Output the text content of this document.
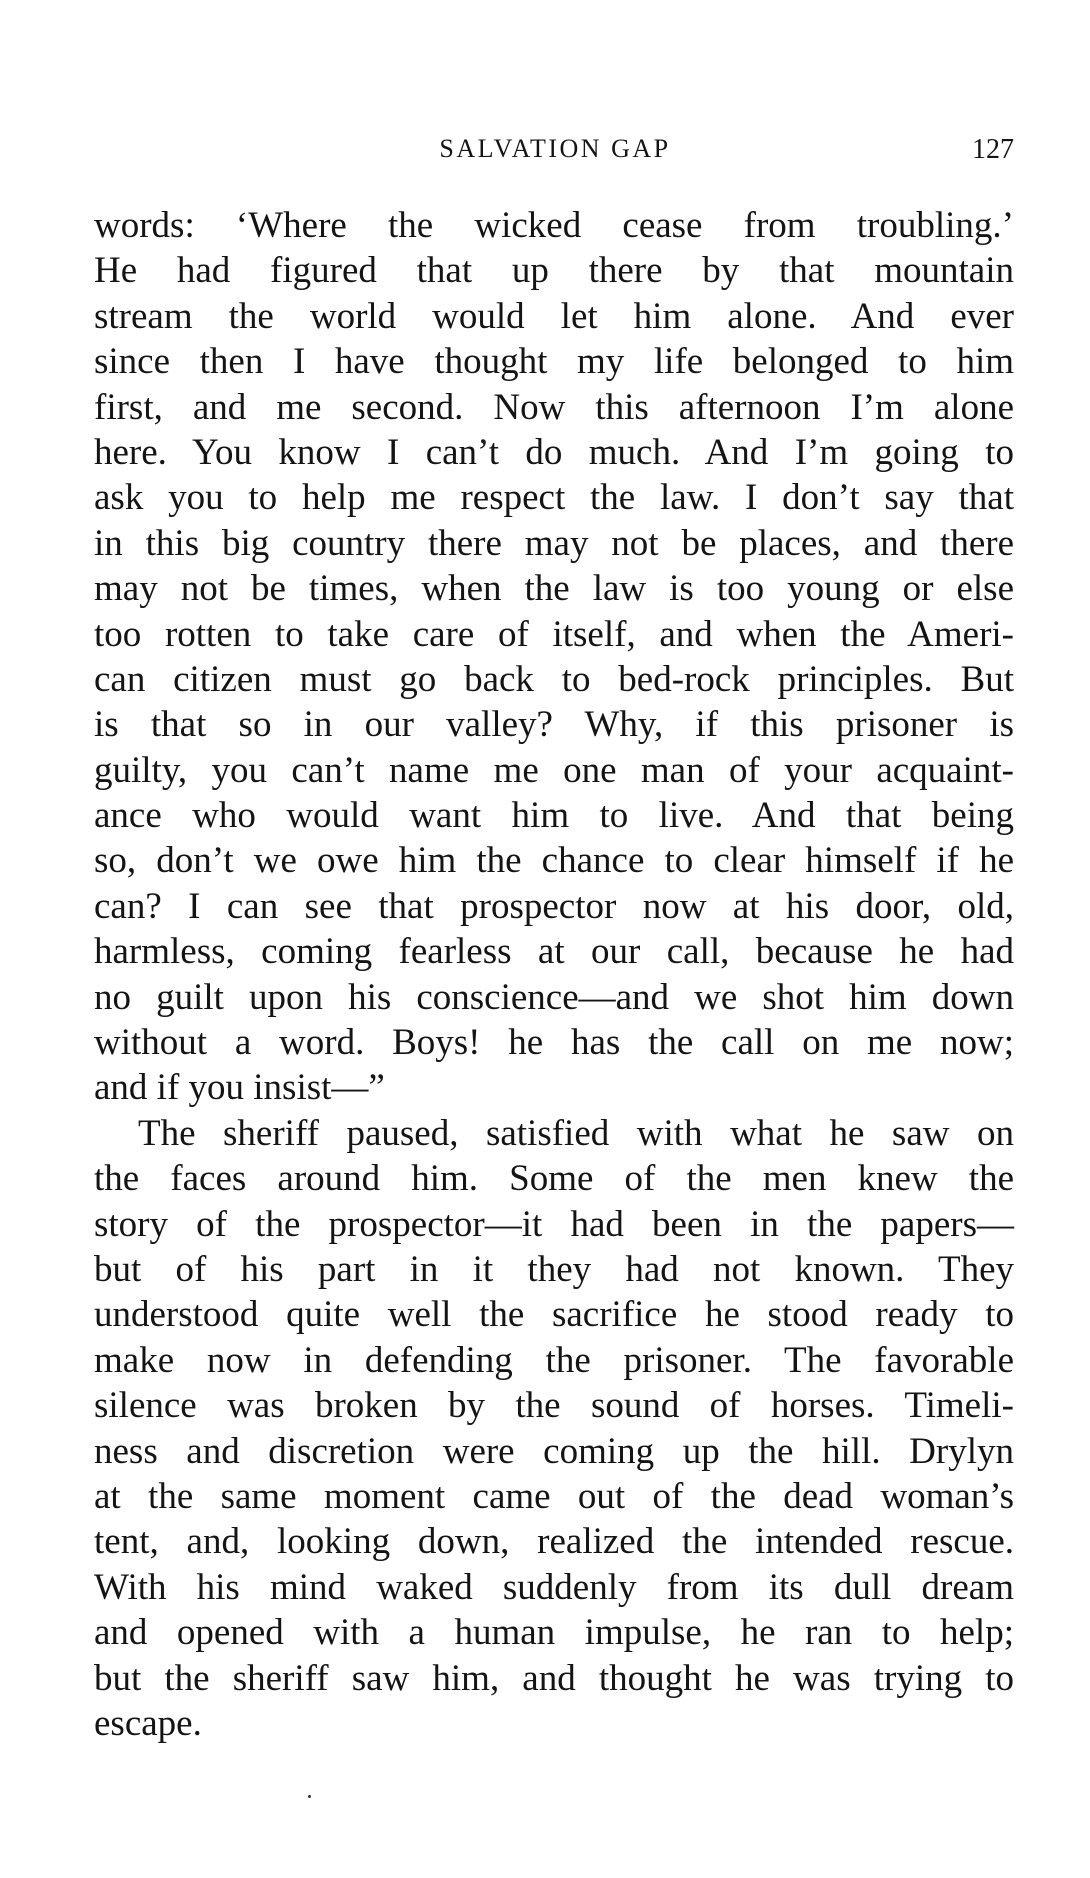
SALVATION GAP	127
words: ‘Where the wicked cease from troubling.’
He had figured that up there by that mountain
stream the world would let him alone. And ever
since then I have thought my life belonged to him
first, and me second. Now this afternoon I’m alone
here. You know I can’t do much. And I’m going to
ask you to help me respect the law. I don’t say that
in this big country there may not be places, and there
may not be times, when the law is too young or else
too rotten to take care of itself, and when the Ameri-
can citizen must go back to bed-rock principles. But
is that so in our valley? Why, if this prisoner is
guilty, you can’t name me one man of your acquaint-
ance who would want him to live. And that being
so, don’t we owe him the chance to clear himself if he
can? I can see that prospector now at his door, old,
harmless, coming fearless at our call, because he had
no guilt upon his conscience—and we shot him down
without a word. Boys! he has the call on me now;
and if you insist—”
The sheriff paused, satisfied with what he saw on
the faces around him. Some of the men knew the
story of the prospector—it had been in the papers—
but of his part in it they had not known. They
understood quite well the sacrifice he stood ready to
make now in defending the prisoner. The favorable
silence was broken by the sound of horses. Timeli-
ness and discretion were coming up the hill. Drylyn
at the same moment came out of the dead woman’s
tent, and, looking down, realized the intended rescue.
With his mind waked suddenly from its dull dream
and opened with a human impulse, he ran to help;
but the sheriff saw him, and thought he was trying to
escape.
